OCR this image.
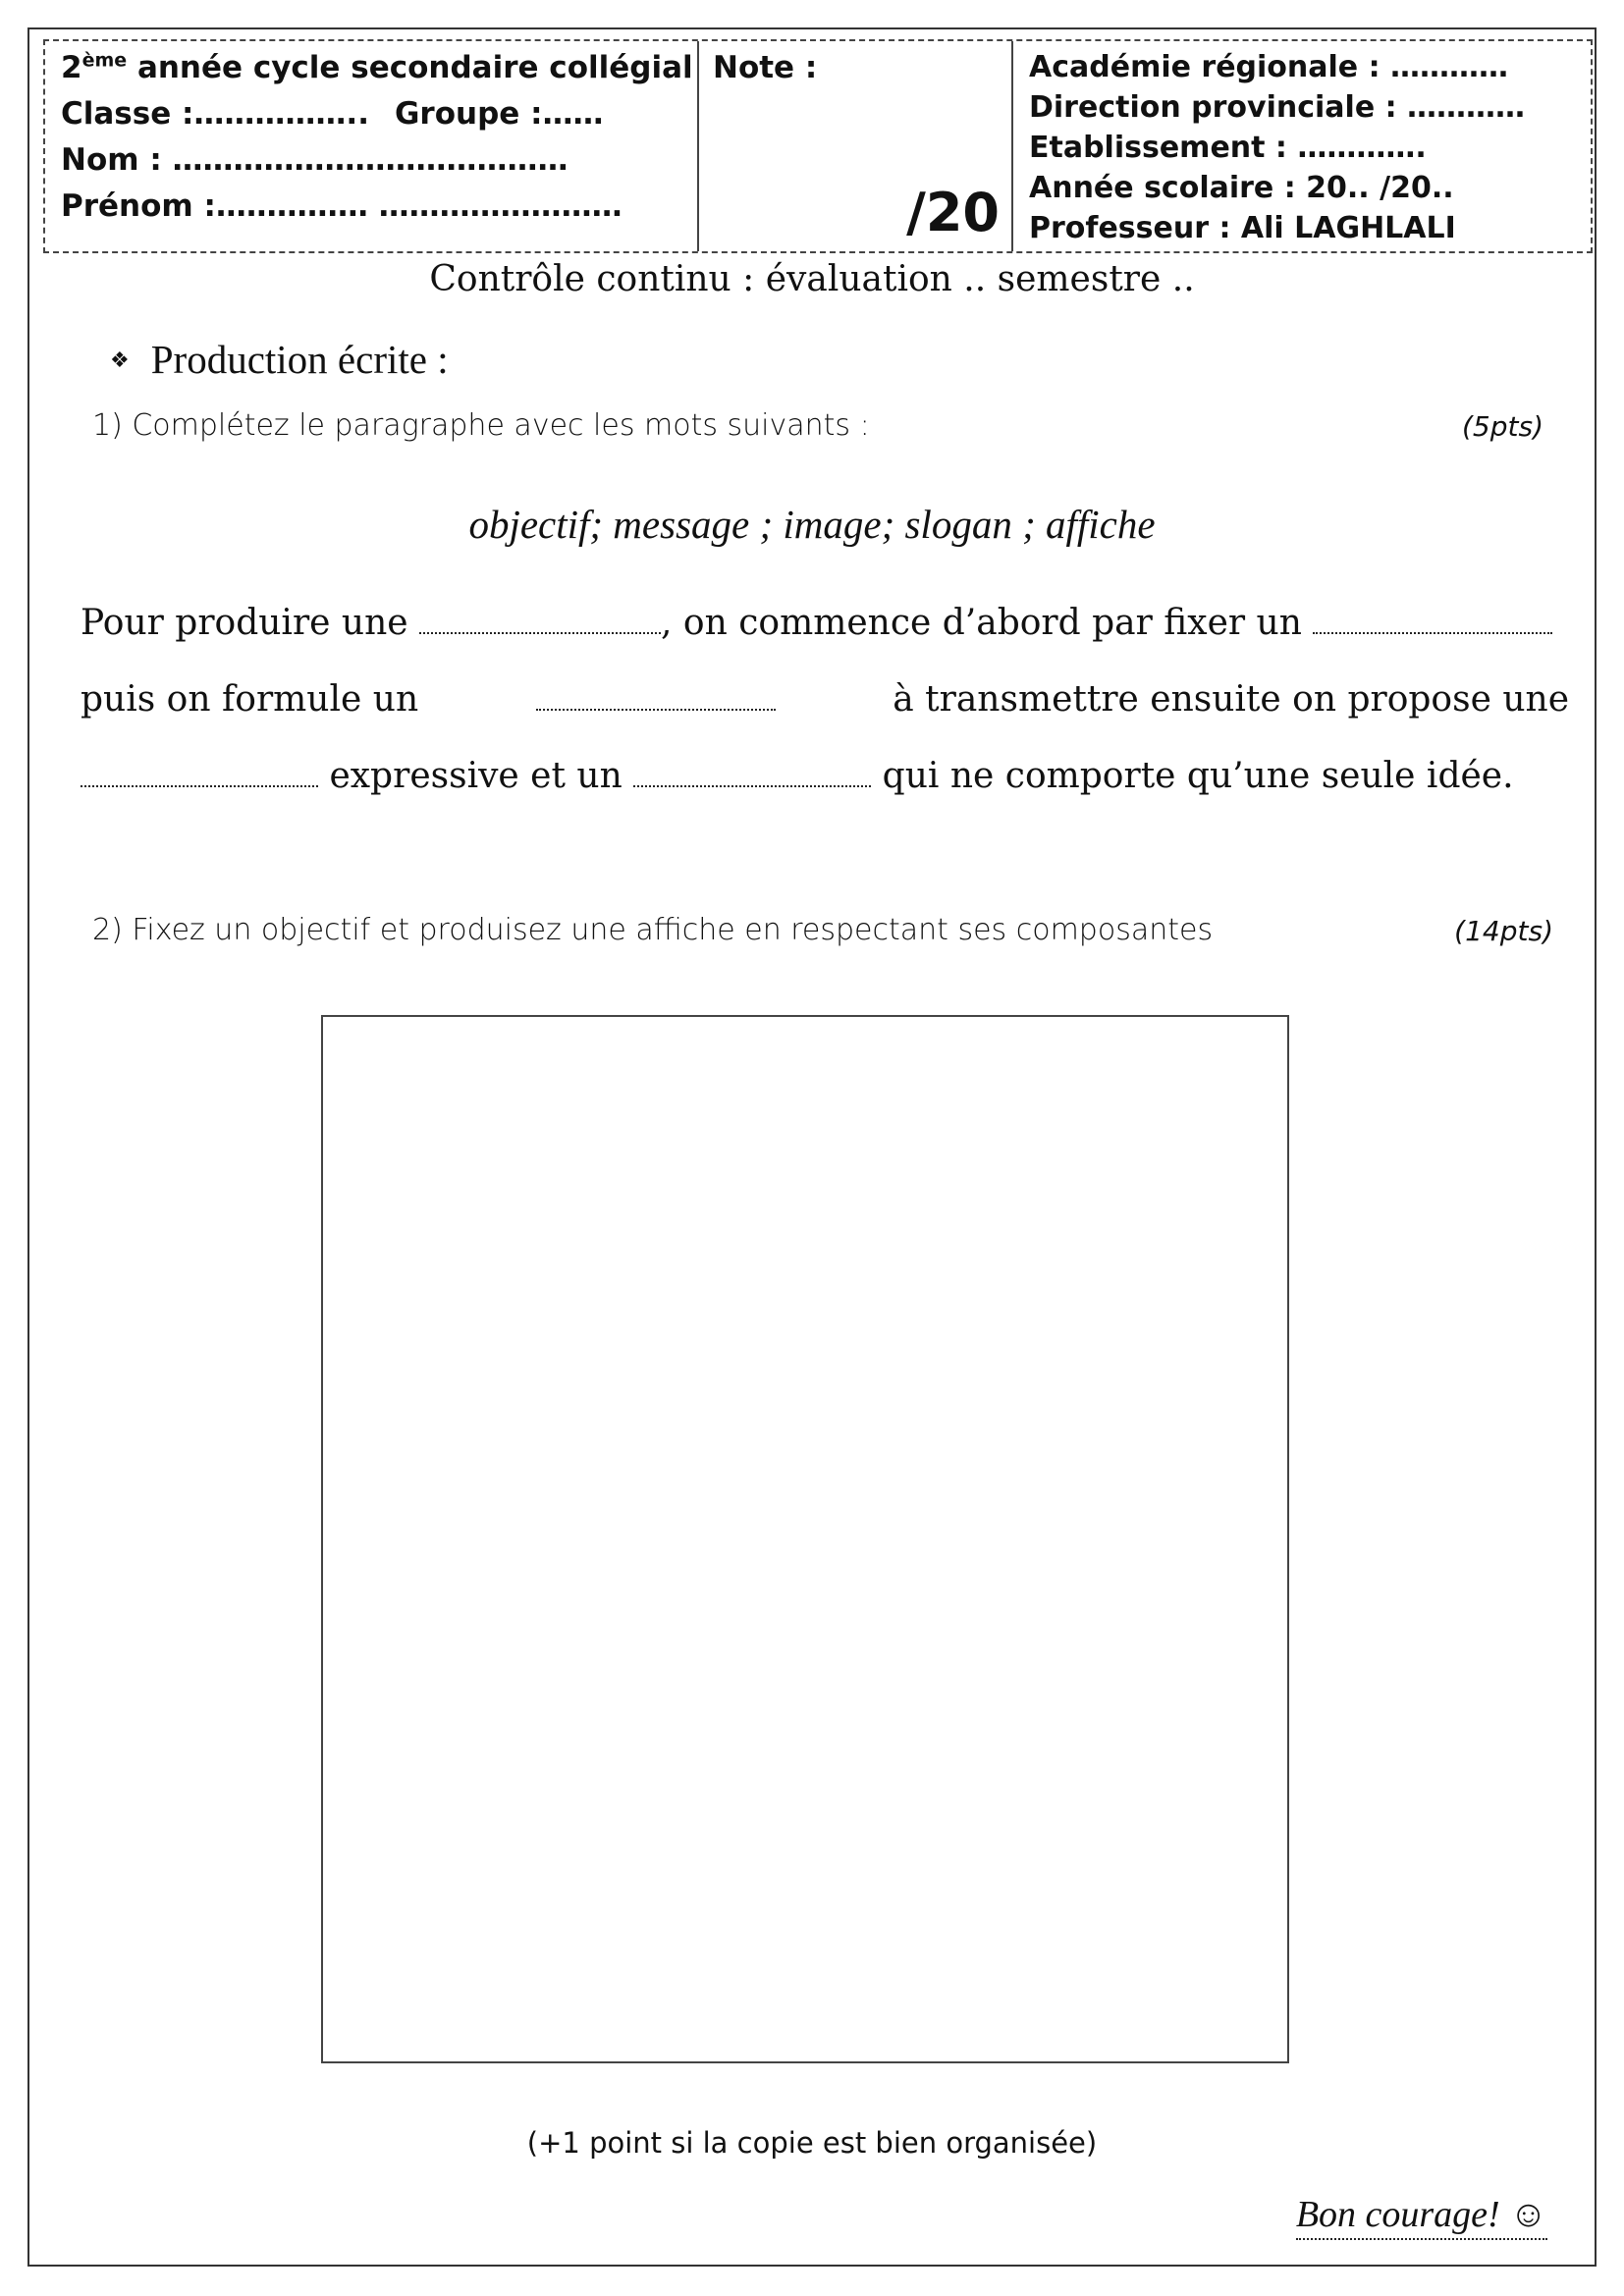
2ème année cycle secondaire collégial
Classe :…………….. Groupe :……
Nom : …………………………………
Prénom :…………… ……………………
Note :
/20
Académie régionale : …………
Direction provinciale : …………
Etablissement : ………….
Année scolaire : 20.. /20..
Professeur : Ali LAGHLALI
Contrôle continu : évaluation .. semestre ..
❖ Production écrite :
1) Complétez le paragraphe avec les mots suivants :	(5pts)
objectif; message ; image; slogan ; affiche
Pour produire une	, on commence d’abord par fixer un
puis on formule un	à transmettre ensuite on propose une
expressive et un	qui ne comporte qu’une seule idée.
2) Fixez un objectif et produisez une affiche en respectant ses composantes	(14pts)
(+1 point si la copie est bien organisée)
Bon courage! ☺
